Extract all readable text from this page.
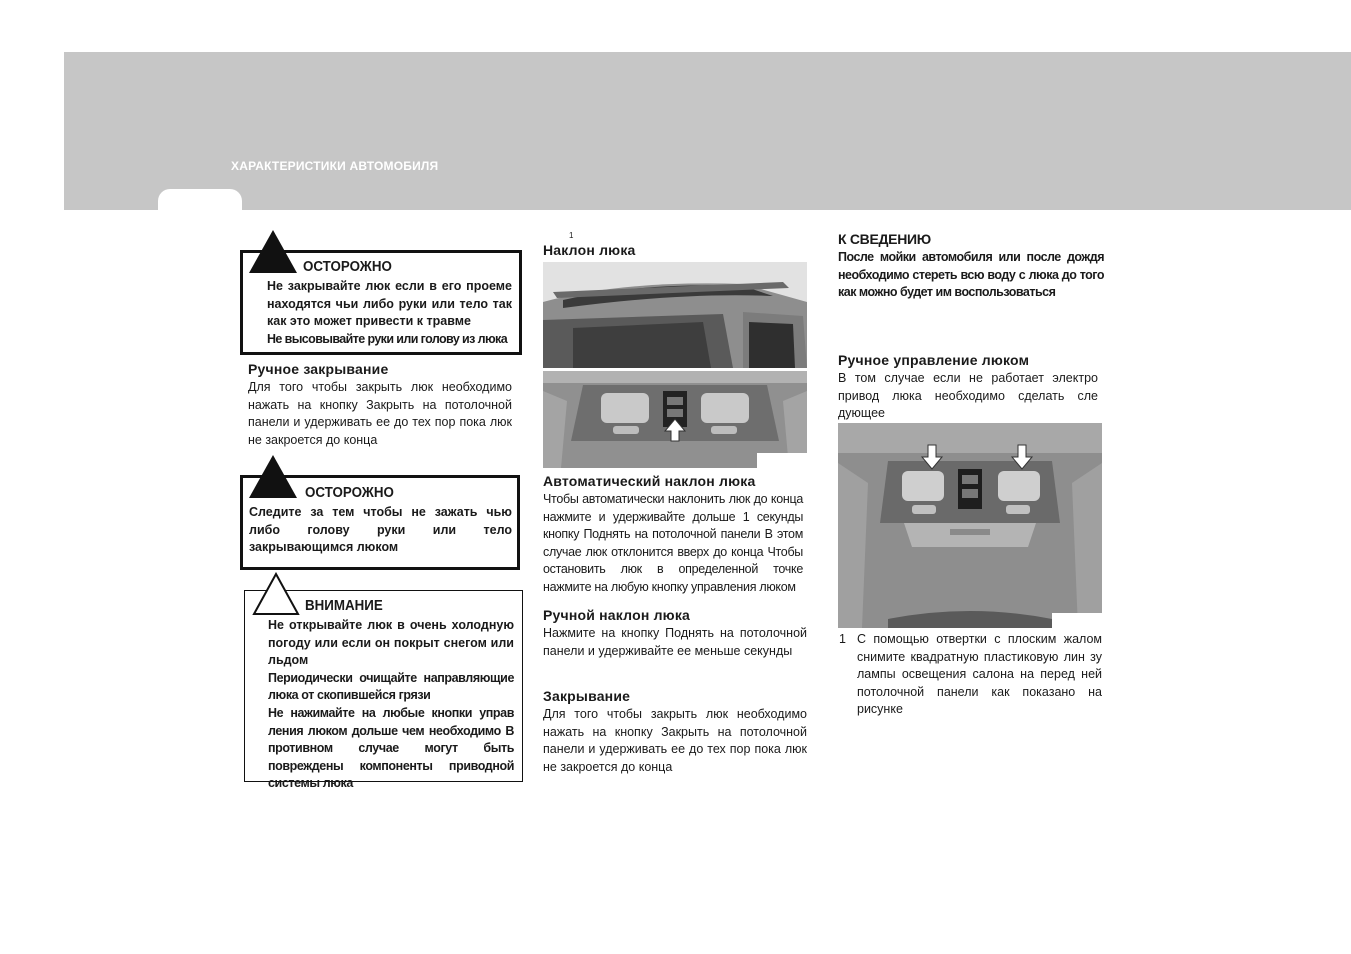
ХАРАКТЕРИСТИКИ АВТОМОБИЛЯ
ОСТОРОЖНО

Не закрывайте люк если в его проеме находятся чьи либо руки или тело так как это может привести к травме

Не высовывайте руки или голову из люка

Ручное закрывание
Для того чтобы закрыть люк необходимо нажать на кнопку Закрыть на потолочной панели и удерживать ее до тех пор пока люк не закроется до конца
ОСТОРОЖНО
Следите за тем чтобы не зажать чью либо голову руки или тело закрывающимся люком
ВНИМАНИЕ

Не открывайте люк в очень холодную погоду или если он покрыт снегом или льдом

Периодически очищайте направляющие люка от скопившейся грязи

Не нажимайте на любые кнопки управ ления люком дольше чем необходимо В противном случае могут быть повреждены компоненты приводной системы люка

1
Наклон люка
Автоматический наклон люка
Чтобы автоматически наклонить люк до конца нажмите и удерживайте дольше 1 секунды кнопку Поднять на потолочной панели В этом случае люк отклонится вверх до конца Чтобы остановить люк в определенной точке нажмите на любую кнопку управления люком
Ручной наклон люка
Нажмите на кнопку Поднять на потолочной панели и удерживайте ее меньше секунды
Закрывание
Для того чтобы закрыть люк необходимо нажать на кнопку Закрыть на потолочной панели и удерживать ее до тех пор пока люк не закроется до конца
К СВЕДЕНИЮ
После мойки автомобиля или после дождя необходимо стереть всю воду с люка до того как можно будет им воспользоваться
Ручное управление люком
В том случае если не работает электро привод люка необходимо сделать сле дующее
1 С помощью отвертки с плоским жалом снимите квадратную пластиковую лин зу лампы освещения салона на перед ней потолочной панели как показано на рисунке
